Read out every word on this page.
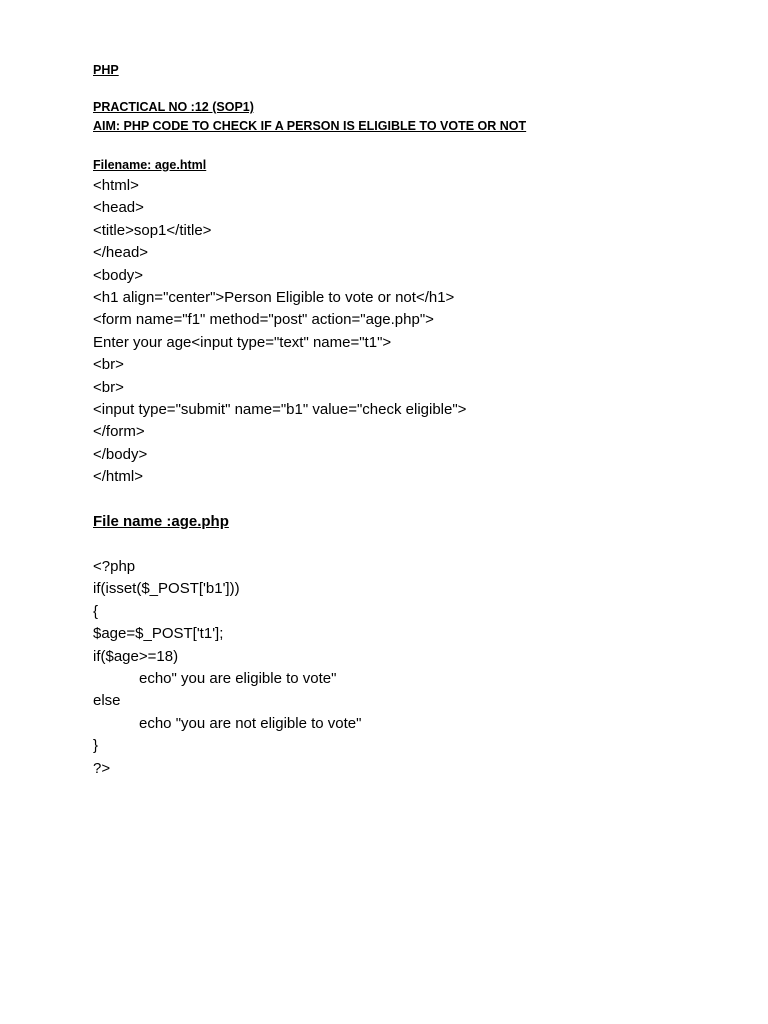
PHP

PRACTICAL NO :12 (SOP1)

AIM: PHP CODE TO CHECK IF A PERSON IS ELIGIBLE TO VOTE OR NOT

Filename: age.html

<html>

<head>

<title>sop1</title>

</head>

<body>

<h1 align="center">Person Eligible to vote or not</h1>

<form name="f1" method="post" action="age.php">

Enter your age<input type="text" name="t1">

<br>

<br>

<input type="submit" name="b1" value="check eligible">

</form>

</body>

</html>

File name :age.php

<?php

if(isset($_POST['b1']))

{

$age=$_POST['t1'];

if($age>=18)

echo" you are eligible to vote"

else

echo "you are not eligible to vote"

}

?>
